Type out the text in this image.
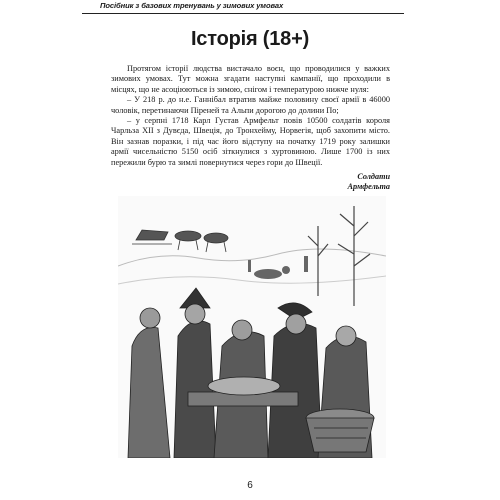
Посібник з базових тренувань у зимових умовах
Історія (18+)

Протягом історії людства вистачало воєн, що проводилися у важких зимових умовах. Тут можна згадати наступні кампанії, що проходили в місцях, що не асоціюються із зимою, снігом і температурою нижче нуля:

– У 218 р. до н.е. Ганнібал втратив майже половину своєї армії в 46000 чоловік, перетинаючи Піреней та Альпи дорогою до долини По;

– у серпні 1718 Карл Густав Армфельт повів 10500 солдатів короля Чарльза XII з Дувєда, Швеція, до Тронхейму, Норвегія, щоб захопити місто. Він зазнав поразки, і під час його відступу на початку 1719 року залишки армії чисельністю 5150 осіб зіткнулися з хуртовиною. Лише 1700 із них пережили бурю та зимлі повернутися через гори до Швеції.

Солдати
Армфельта
6
